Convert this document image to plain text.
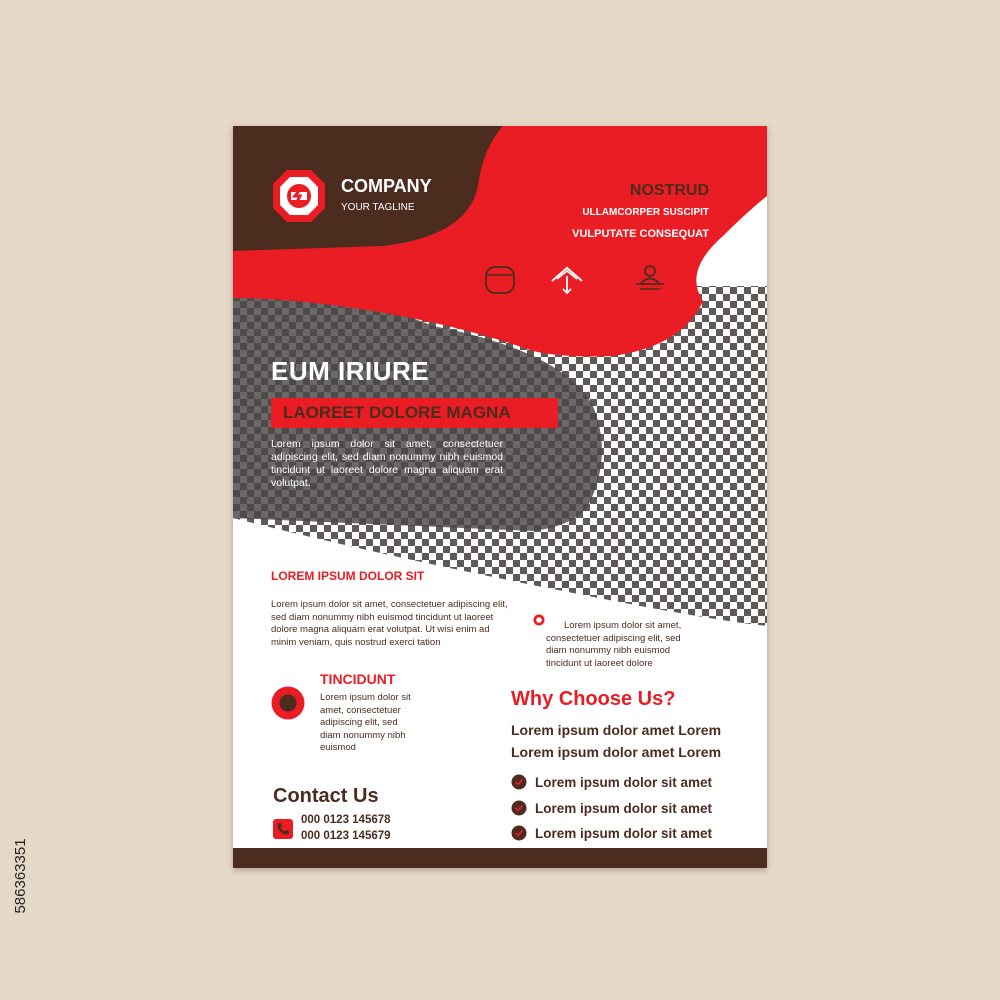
COMPANY

YOUR TAGLINE

NOSTRUD

ULLAMCORPER SUSCIPIT

VULPUTATE CONSEQUAT

EUM IRIURE

LAOREET DOLORE MAGNA

Lorem ipsum dolor sit amet, consectetuer adipiscing elit, sed diam nonummy nibh euismod tincidunt ut laoreet dolore magna aliquam erat volutpat.

LOREM IPSUM DOLOR SIT

Lorem ipsum dolor sit amet, consectetuer adipiscing elit, sed diam nonummy nibh euismod tincidunt ut laoreet dolore magna aliquam erat volutpat. Ut wisi enim ad minim veniam, quis nostrud exerci tation

Lorem ipsum dolor sit amet, consectetuer adipiscing elit, sed diam nonummy nibh euismod tincidunt ut laoreet dolore

TINCIDUNT

Lorem ipsum dolor sit amet, consectetuer adipiscing elit, sed diam nonummy nibh euismod

Why Choose Us?

Lorem ipsum dolor amet Lorem

Lorem ipsum dolor amet Lorem

Lorem ipsum dolor sit amet
Lorem ipsum dolor sit amet
Lorem ipsum dolor sit amet

Contact Us

000 0123 145678

000 0123 145679

586363351
